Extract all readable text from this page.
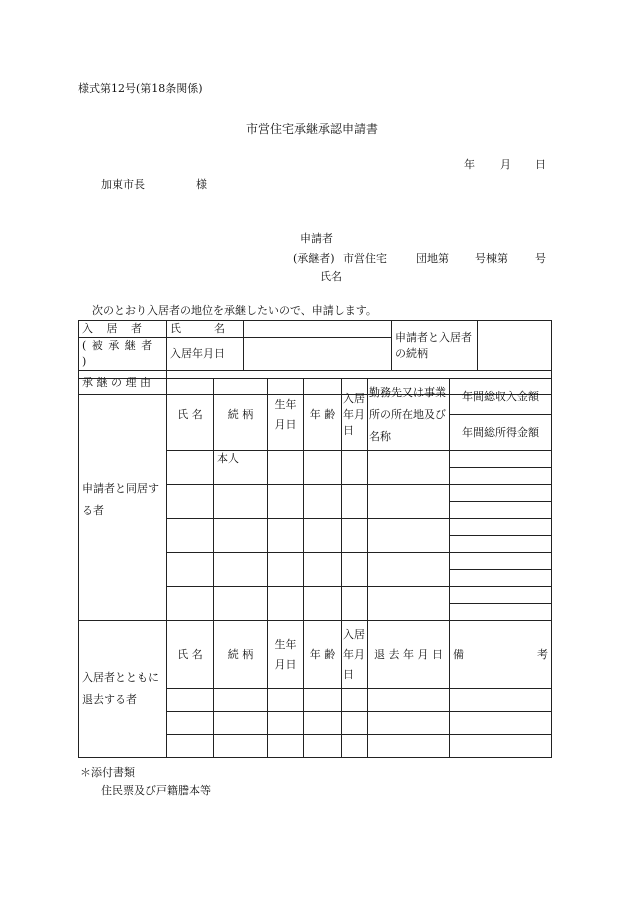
様式第12号(第18条関係)
市営住宅承継承認申請書
年 月 日
加東市長	様
申請者
(承継者) 市営住宅	団地第 号棟第 号
氏名
次のとおり入居者の地位を承継したいので、申請します。
入 居 者	氏　　　名		申請者と入居者の続柄	
( 被 承 継 者 )	入居年月日			
承 継 の 理 由				
申請者と同居する者	氏 名	続 柄	生年月日	年 齢	入居年月日	勤務先又は事業所の所在地及び名称	年間総収入金額
							年間総所得金額
		本人					

入居者とともに退去する者	氏 名	続 柄	生年月日	年 齢	入居年月日	退 去 年 月 日	備 考

＊添付書類
住民票及び戸籍謄本等
